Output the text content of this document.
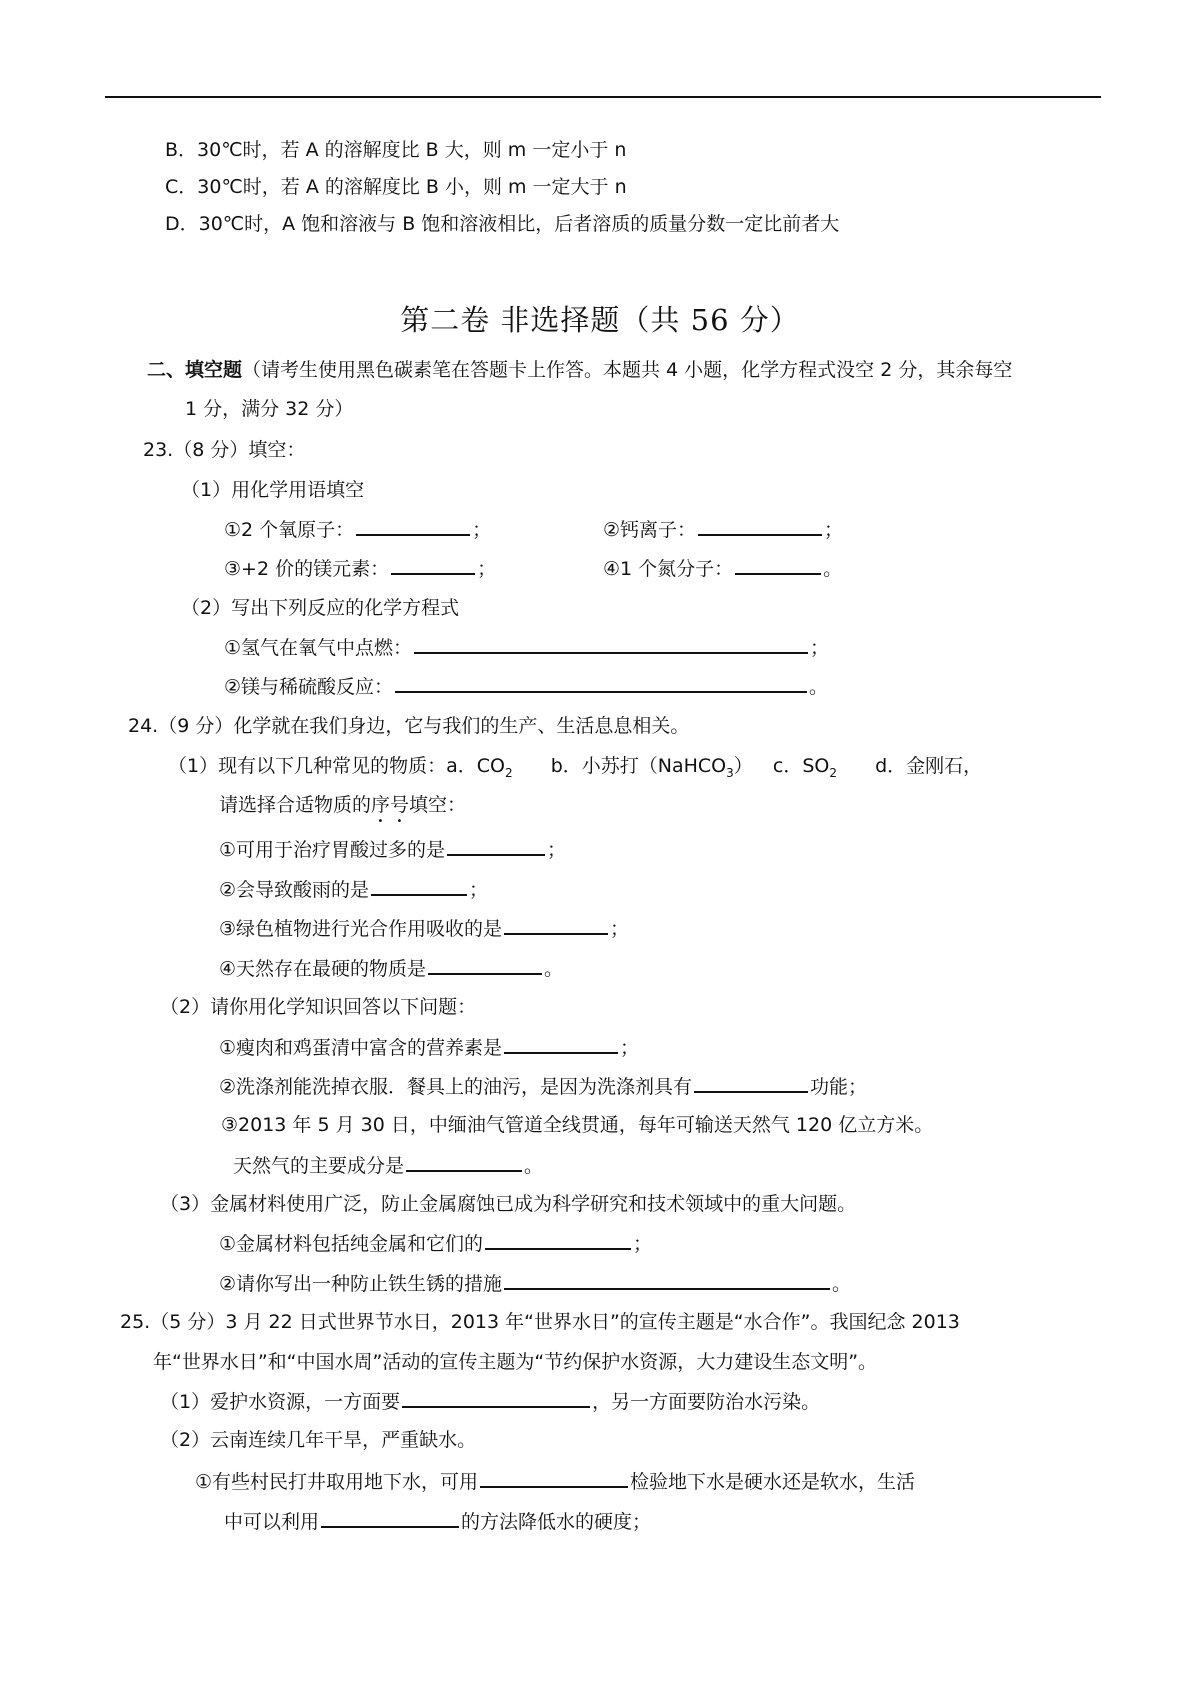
B．30℃时，若 A 的溶解度比 B 大，则 m 一定小于 n
C．30℃时，若 A 的溶解度比 B 小，则 m 一定大于 n
D．30℃时，A 饱和溶液与 B 饱和溶液相比，后者溶质的质量分数一定比前者大
第二卷 非选择题（共 56 分）
二、填空题（请考生使用黑色碳素笔在答题卡上作答。本题共 4 小题，化学方程式没空 2 分，其余每空
1 分，满分 32 分）
23.（8 分）填空：
（1）用化学用语填空
①2 个氧原子：	；	②钙离子：	；
③+2 价的镁元素：	；	④1 个氮分子：	。
（2）写出下列反应的化学方程式
①氢气在氧气中点燃：	；
②镁与稀硫酸反应：	。
24.（9 分）化学就在我们身边，它与我们的生产、生活息息相关。
（1）现有以下几种常见的物质：a．$CO_2$ b．小苏打（NaHCO$_3$） c．$SO_2$ d．金刚石，
请选择合适物质的序号填空：
①可用于治疗胃酸过多的是	；
②会导致酸雨的是	；
③绿色植物进行光合作用吸收的是	；
④天然存在最硬的物质是	。
（2）请你用化学知识回答以下问题：
①瘦肉和鸡蛋清中富含的营养素是	；
②洗涤剂能洗掉衣服．餐具上的油污，是因为洗涤剂具有	功能；
③2013 年 5 月 30 日，中缅油气管道全线贯通，每年可输送天然气 120 亿立方米。
天然气的主要成分是	。
（3）金属材料使用广泛，防止金属腐蚀已成为科学研究和技术领域中的重大问题。
①金属材料包括纯金属和它们的	；
②请你写出一种防止铁生锈的措施	。
25.（5 分）3 月 22 日式世界节水日，2013 年“世界水日”的宣传主题是“水合作”。我国纪念 2013
年“世界水日”和“中国水周”活动的宣传主题为“节约保护水资源，大力建设生态文明”。
（1）爱护水资源，一方面要	，另一方面要防治水污染。
（2）云南连续几年干旱，严重缺水。
①有些村民打井取用地下水，可用	检验地下水是硬水还是软水，生活
中可以利用	的方法降低水的硬度；
